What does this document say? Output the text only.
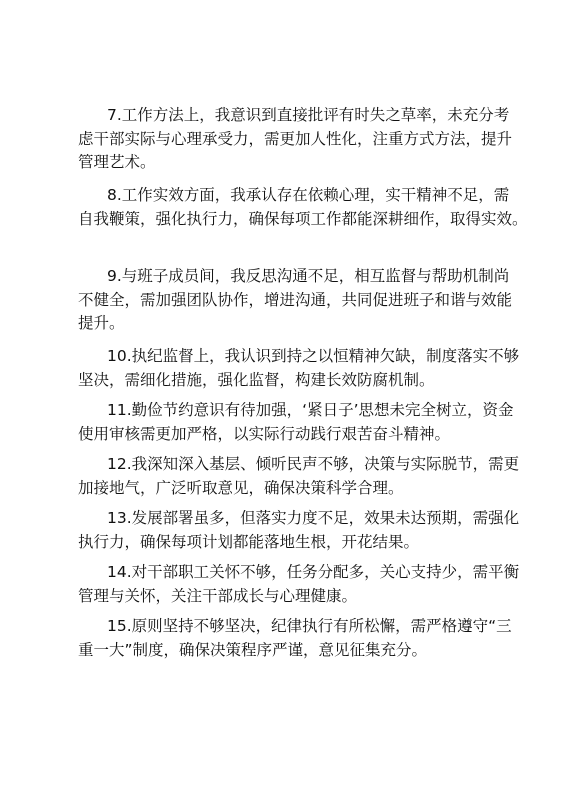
7.工作方法上，我意识到直接批评有时失之草率，未充分考
虑干部实际与心理承受力，需更加人性化，注重方式方法，提升
管理艺术。

8.工作实效方面，我承认存在依赖心理，实干精神不足，需
自我鞭策，强化执行力，确保每项工作都能深耕细作，取得实效。

9.与班子成员间，我反思沟通不足，相互监督与帮助机制尚
不健全，需加强团队协作，增进沟通，共同促进班子和谐与效能
提升。

10.执纪监督上，我认识到持之以恒精神欠缺，制度落实不够
坚决，需细化措施，强化监督，构建长效防腐机制。

11.勤俭节约意识有待加强，‘紧日子’思想未完全树立，资金
使用审核需更加严格，以实际行动践行艰苦奋斗精神。

12.我深知深入基层、倾听民声不够，决策与实际脱节，需更
加接地气，广泛听取意见，确保决策科学合理。

13.发展部署虽多，但落实力度不足，效果未达预期，需强化
执行力，确保每项计划都能落地生根，开花结果。

14.对干部职工关怀不够，任务分配多，关心支持少，需平衡
管理与关怀，关注干部成长与心理健康。

15.原则坚持不够坚决，纪律执行有所松懈，需严格遵守“三
重一大”制度，确保决策程序严谨，意见征集充分。
